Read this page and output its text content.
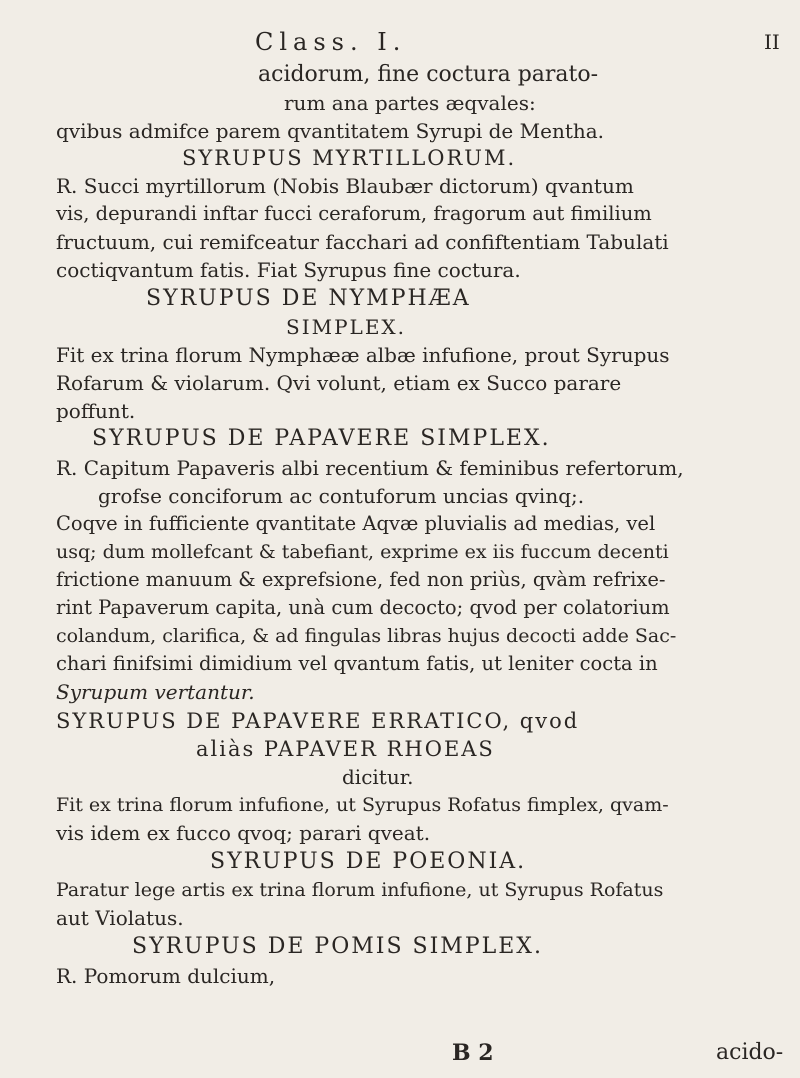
Class. I.	II
acidorum, fine coctura parato-
rum ana partes æqvales:
qvibus admifce parem qvantitatem Syrupi de Mentha.
SYRUPUS MYRTILLORUM.
R. Succi myrtillorum (Nobis Blaubær dictorum) qvantum
vis, depurandi inftar fucci ceraforum, fragorum aut fimilium
fructuum, cui remifceatur facchari ad confiftentiam Tabulati
coctiqvantum fatis. Fiat Syrupus fine coctura.
SYRUPUS DE NYMPHÆA
SIMPLEX.
Fit ex trina florum Nymphææ albæ infufione, prout Syrupus
Rofarum & violarum. Qvi volunt, etiam ex Succo parare
poffunt.
SYRUPUS DE PAPAVERE SIMPLEX.
R. Capitum Papaveris albi recentium & feminibus refertorum,
grofse conciforum ac contuforum uncias qvinq;.
Coqve in fufficiente qvantitate Aqvæ pluvialis ad medias, vel
usq; dum mollefcant & tabefiant, exprime ex iis fuccum decenti
frictione manuum & exprefsione, fed non priùs, qvàm refrixe-
rint Papaverum capita, unà cum decocto; qvod per colatorium
colandum, clarifica, & ad fingulas libras hujus decocti adde Sac-
chari finifsimi dimidium vel qvantum fatis, ut leniter cocta in
Syrupum vertantur.
SYRUPUS DE PAPAVERE ERRATICO, qvod
aliàs PAPAVER RHOEAS
dicitur.
Fit ex trina florum infufione, ut Syrupus Rofatus fimplex, qvam-
vis idem ex fucco qvoq; parari qveat.
SYRUPUS DE POEONIA.
Paratur lege artis ex trina florum infufione, ut Syrupus Rofatus
aut Violatus.
SYRUPUS DE POMIS SIMPLEX.
R. Pomorum dulcium,
B 2	acido-
